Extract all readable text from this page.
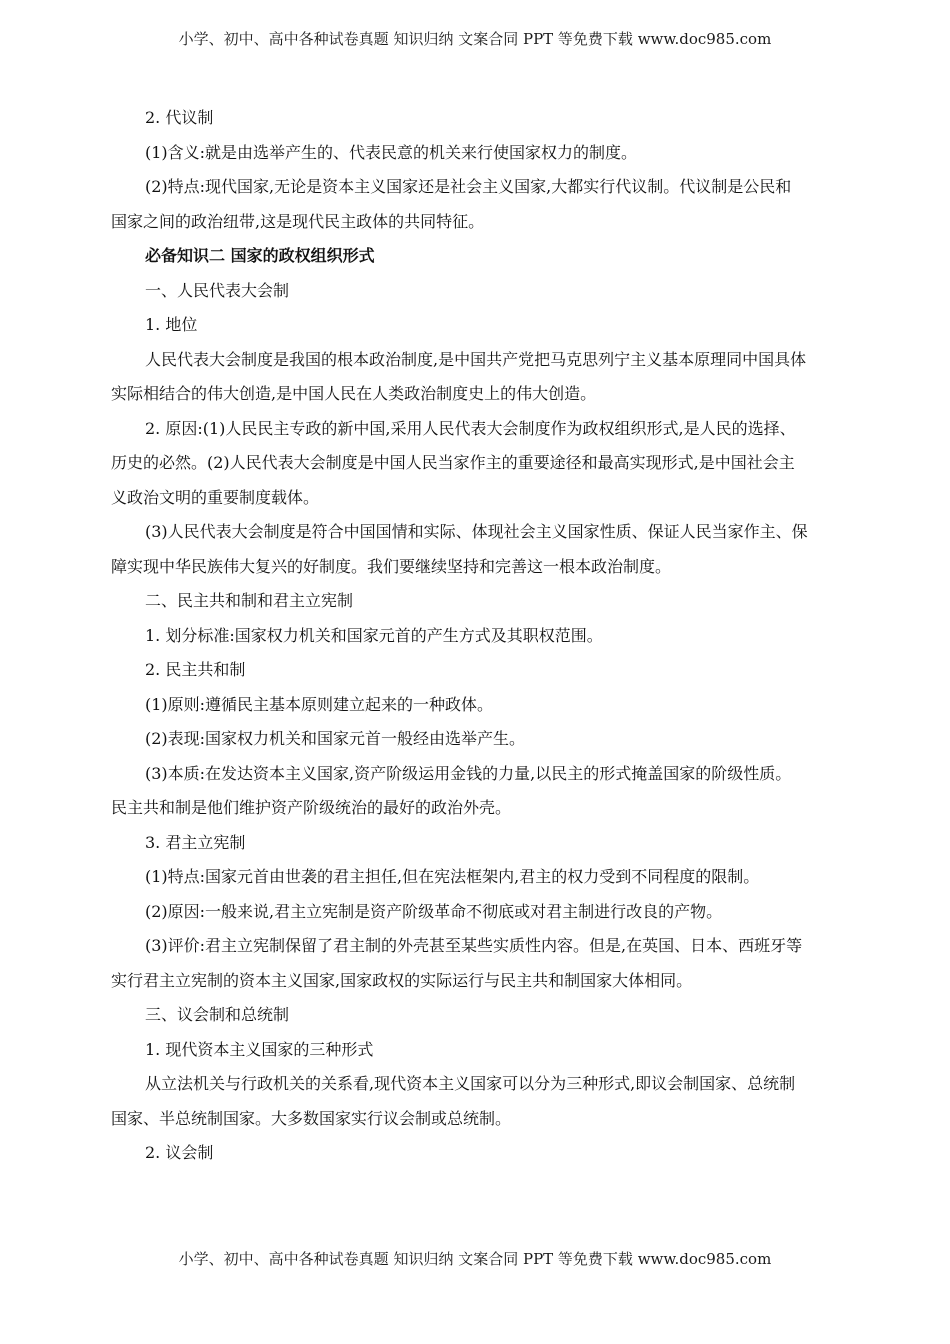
小学、初中、高中各种试卷真题 知识归纳 文案合同 PPT 等免费下载 www.doc985.com
2. 代议制
(1)含义:就是由选举产生的、代表民意的机关来行使国家权力的制度。
(2)特点:现代国家,无论是资本主义国家还是社会主义国家,大都实行代议制。代议制是公民和
国家之间的政治纽带,这是现代民主政体的共同特征。
必备知识二 国家的政权组织形式
一、人民代表大会制
1. 地位
人民代表大会制度是我国的根本政治制度,是中国共产党把马克思列宁主义基本原理同中国具体
实际相结合的伟大创造,是中国人民在人类政治制度史上的伟大创造。
2. 原因:(1)人民民主专政的新中国,采用人民代表大会制度作为政权组织形式,是人民的选择、
历史的必然。(2)人民代表大会制度是中国人民当家作主的重要途径和最高实现形式,是中国社会主
义政治文明的重要制度载体。
(3)人民代表大会制度是符合中国国情和实际、体现社会主义国家性质、保证人民当家作主、保
障实现中华民族伟大复兴的好制度。我们要继续坚持和完善这一根本政治制度。
二、民主共和制和君主立宪制
1. 划分标准:国家权力机关和国家元首的产生方式及其职权范围。
2. 民主共和制
(1)原则:遵循民主基本原则建立起来的一种政体。
(2)表现:国家权力机关和国家元首一般经由选举产生。
(3)本质:在发达资本主义国家,资产阶级运用金钱的力量,以民主的形式掩盖国家的阶级性质。
民主共和制是他们维护资产阶级统治的最好的政治外壳。
3. 君主立宪制
(1)特点:国家元首由世袭的君主担任,但在宪法框架内,君主的权力受到不同程度的限制。
(2)原因:一般来说,君主立宪制是资产阶级革命不彻底或对君主制进行改良的产物。
(3)评价:君主立宪制保留了君主制的外壳甚至某些实质性内容。但是,在英国、日本、西班牙等
实行君主立宪制的资本主义国家,国家政权的实际运行与民主共和制国家大体相同。
三、议会制和总统制
1. 现代资本主义国家的三种形式
从立法机关与行政机关的关系看,现代资本主义国家可以分为三种形式,即议会制国家、总统制
国家、半总统制国家。大多数国家实行议会制或总统制。
2. 议会制
小学、初中、高中各种试卷真题 知识归纳 文案合同 PPT 等免费下载 www.doc985.com
